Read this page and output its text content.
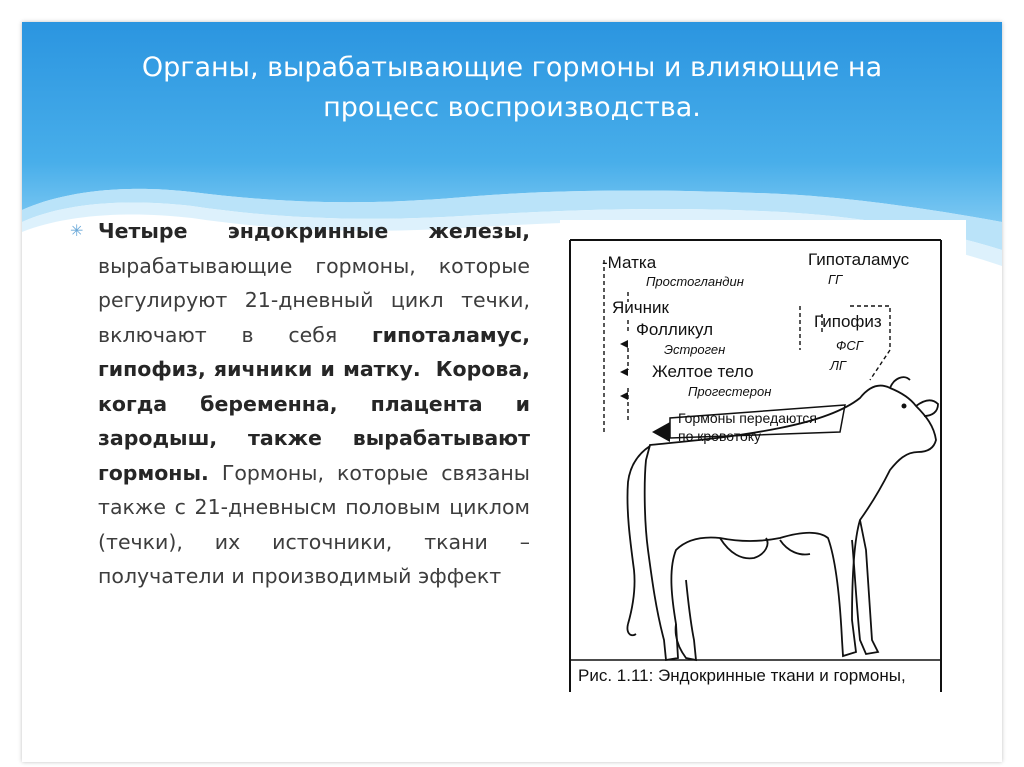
Органы, вырабатывающие гормоны и влияющие на процесс воспроизводства.
✳ Четыре эндокринные железы, вырабатывающие гормоны, которые регулируют 21-дневный цикл течки, включают в себя гипоталамус, гипофиз, яичники и матку. Корова, когда беременна, плацента и зародыш, также вырабатывают гормоны. Гормоны, которые связаны также с 21-дневнысм половым циклом (течки), их источники, ткани – получатели и производимый эффект
-Матка
Простогландин
Гипоталамус
ГГ
Яичник
Гипофиз
Фолликул
ФСГ
Эстроген
ЛГ
Желтое тело
Прогестерон
Гормоны передаются
по кровотоку
Рис. 1.11: Эндокринные ткани и гормоны,
